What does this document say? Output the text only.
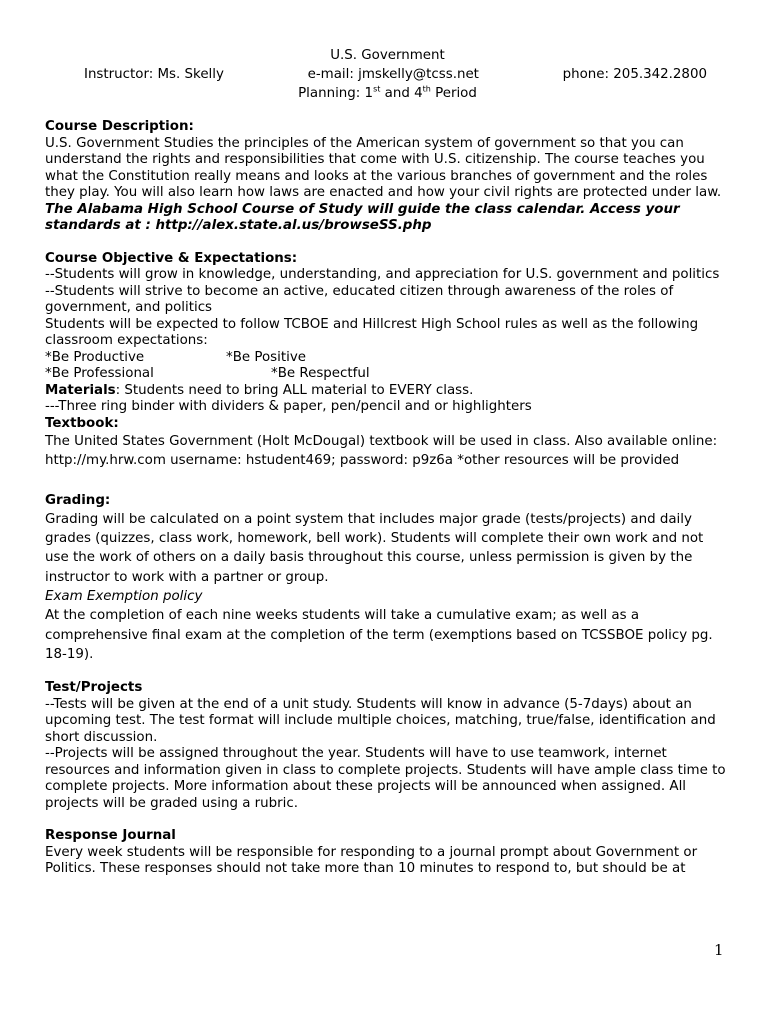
U.S. Government
Instructor: Ms. Skelly	e-mail: jmskelly@tcss.net	phone: 205.342.2800
Planning: 1st and 4th Period

Course Description:

U.S. Government Studies the principles of the American system of government so that you can understand the rights and responsibilities that come with U.S. citizenship. The course teaches you what the Constitution really means and looks at the various branches of government and the roles they play. You will also learn how laws are enacted and how your civil rights are protected under law.

The Alabama High School Course of Study will guide the class calendar. Access your standards at : http://alex.state.al.us/browseSS.php

Course Objective & Expectations:

--Students will grow in knowledge, understanding, and appreciation for U.S. government and politics

--Students will strive to become an active, educated citizen through awareness of the roles of government, and politics

Students will be expected to follow TCBOE and Hillcrest High School rules as well as the following classroom expectations:

*Be Productive	*Be Positive
*Be Professional	*Be Respectful

Materials: Students need to bring ALL material to EVERY class.

---Three ring binder with dividers & paper, pen/pencil and or highlighters

Textbook:

The United States Government (Holt McDougal) textbook will be used in class. Also available online: http://my.hrw.com username: hstudent469; password: p9z6a *other resources will be provided

Grading:

Grading will be calculated on a point system that includes major grade (tests/projects) and daily grades (quizzes, class work, homework, bell work). Students will complete their own work and not use the work of others on a daily basis throughout this course, unless permission is given by the instructor to work with a partner or group.

Exam Exemption policy

At the completion of each nine weeks students will take a cumulative exam; as well as a comprehensive final exam at the completion of the term (exemptions based on TCSSBOE policy pg. 18-19).

Test/Projects

--Tests will be given at the end of a unit study. Students will know in advance (5-7days) about an upcoming test. The test format will include multiple choices, matching, true/false, identification and short discussion.

--Projects will be assigned throughout the year. Students will have to use teamwork, internet resources and information given in class to complete projects. Students will have ample class time to complete projects. More information about these projects will be announced when assigned. All projects will be graded using a rubric.

Response Journal

Every week students will be responsible for responding to a journal prompt about Government or Politics. These responses should not take more than 10 minutes to respond to, but should be at

1
